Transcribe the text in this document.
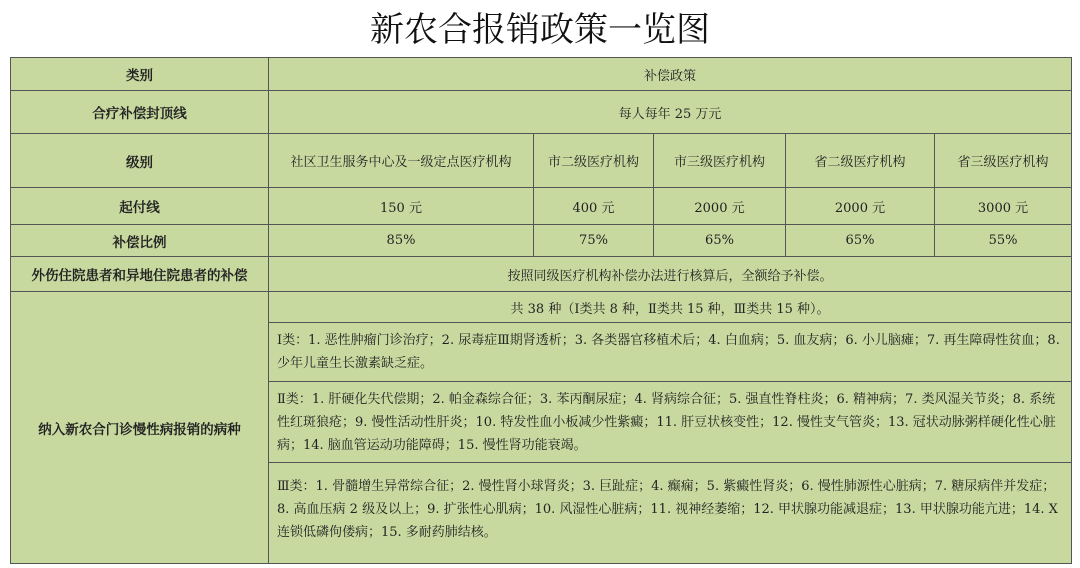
新农合报销政策一览图
类别	补偿政策				
合疗补偿封顶线	每人每年 25 万元				
级别	社区卫生服务中心及一级定点医疗机构	市二级医疗机构	市三级医疗机构	省二级医疗机构	省三级医疗机构
起付线	150 元	400 元	2000 元	2000 元	3000 元
补偿比例	85%	75%	65%	65%	55%
外伤住院患者和异地住院患者的补偿	按照同级医疗机构补偿办法进行核算后，全额给予补偿。				
纳入新农合门诊慢性病报销的病种	共 38 种（Ⅰ类共 8 种，Ⅱ类共 15 种，Ⅲ类共 15 种）。				
	Ⅰ类：1. 恶性肿瘤门诊治疗；2. 尿毒症Ⅲ期肾透析；3. 各类器官移植术后；4. 白血病；5. 血友病；6. 小儿脑瘫；7. 再生障碍性贫血；8. 少年儿童生长激素缺乏症。				
	Ⅱ类：1. 肝硬化失代偿期；2. 帕金森综合征；3. 苯丙酮尿症；4. 肾病综合征；5. 强直性脊柱炎；6. 精神病；7. 类风湿关节炎；8. 系统性红斑狼疮；9. 慢性活动性肝炎；10. 特发性血小板减少性紫癜；11. 肝豆状核变性；12. 慢性支气管炎；13. 冠状动脉粥样硬化性心脏病；14. 脑血管运动功能障碍；15. 慢性肾功能衰竭。				
	Ⅲ类：1. 骨髓增生异常综合征；2. 慢性肾小球肾炎；3. 巨趾症；4. 癫痫；5. 紫癜性肾炎；6. 慢性肺源性心脏病；7. 糖尿病伴并发症；8. 高血压病 2 级及以上；9. 扩张性心肌病；10. 风湿性心脏病；11. 视神经萎缩；12. 甲状腺功能减退症；13. 甲状腺功能亢进；14. X 连锁低磷佝偻病；15. 多耐药肺结核。				
